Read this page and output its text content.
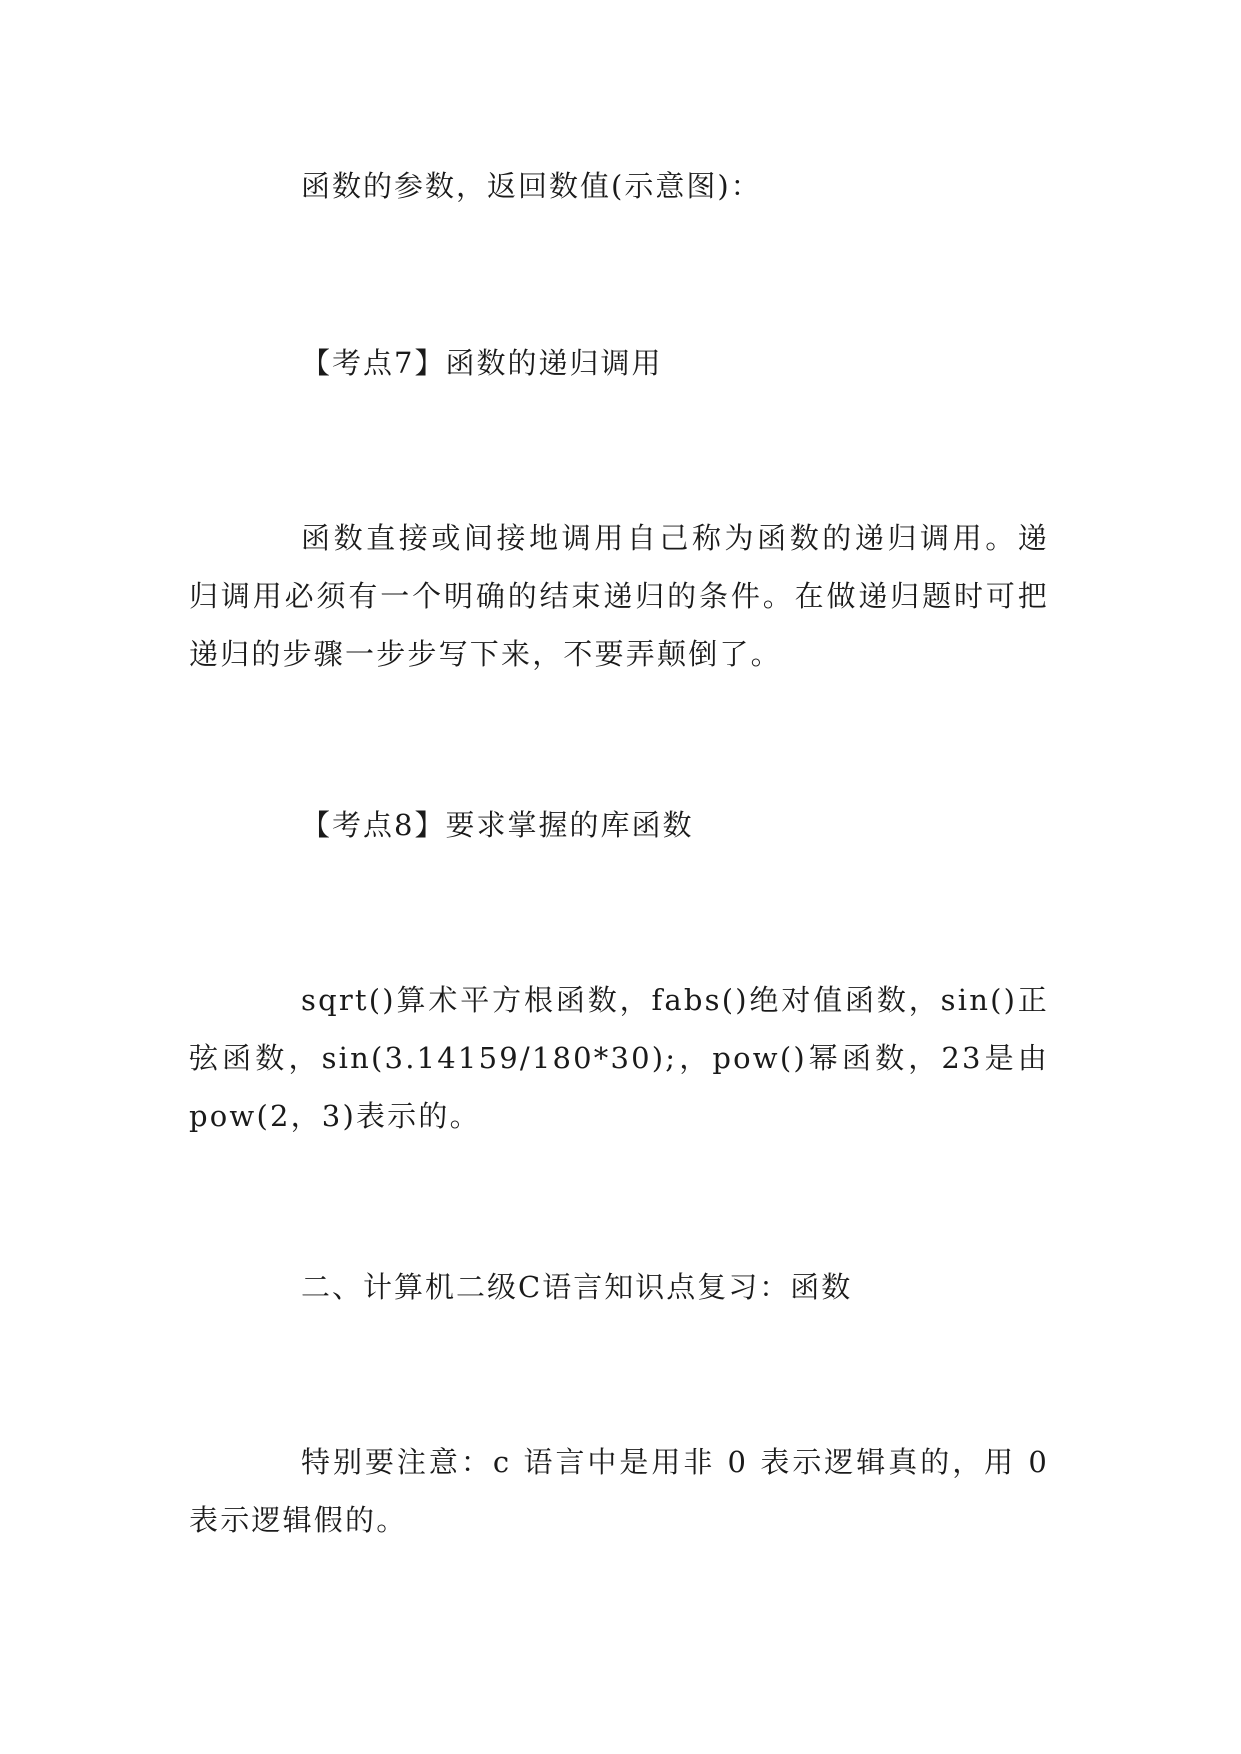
函数的参数，返回数值(示意图)：
【考点7】函数的递归调用
函数直接或间接地调用自己称为函数的递归调用。递归调用必须有一个明确的结束递归的条件。在做递归题时可把递归的步骤一步步写下来，不要弄颠倒了。
【考点8】要求掌握的库函数
sqrt()算术平方根函数，fabs()绝对值函数，sin()正弦函数，sin(3.14159/180*30);，pow()幂函数，23是由pow(2，3)表示的。
二、计算机二级C语言知识点复习：函数
特别要注意：c 语言中是用非 0 表示逻辑真的，用 0 表示逻辑假的。
